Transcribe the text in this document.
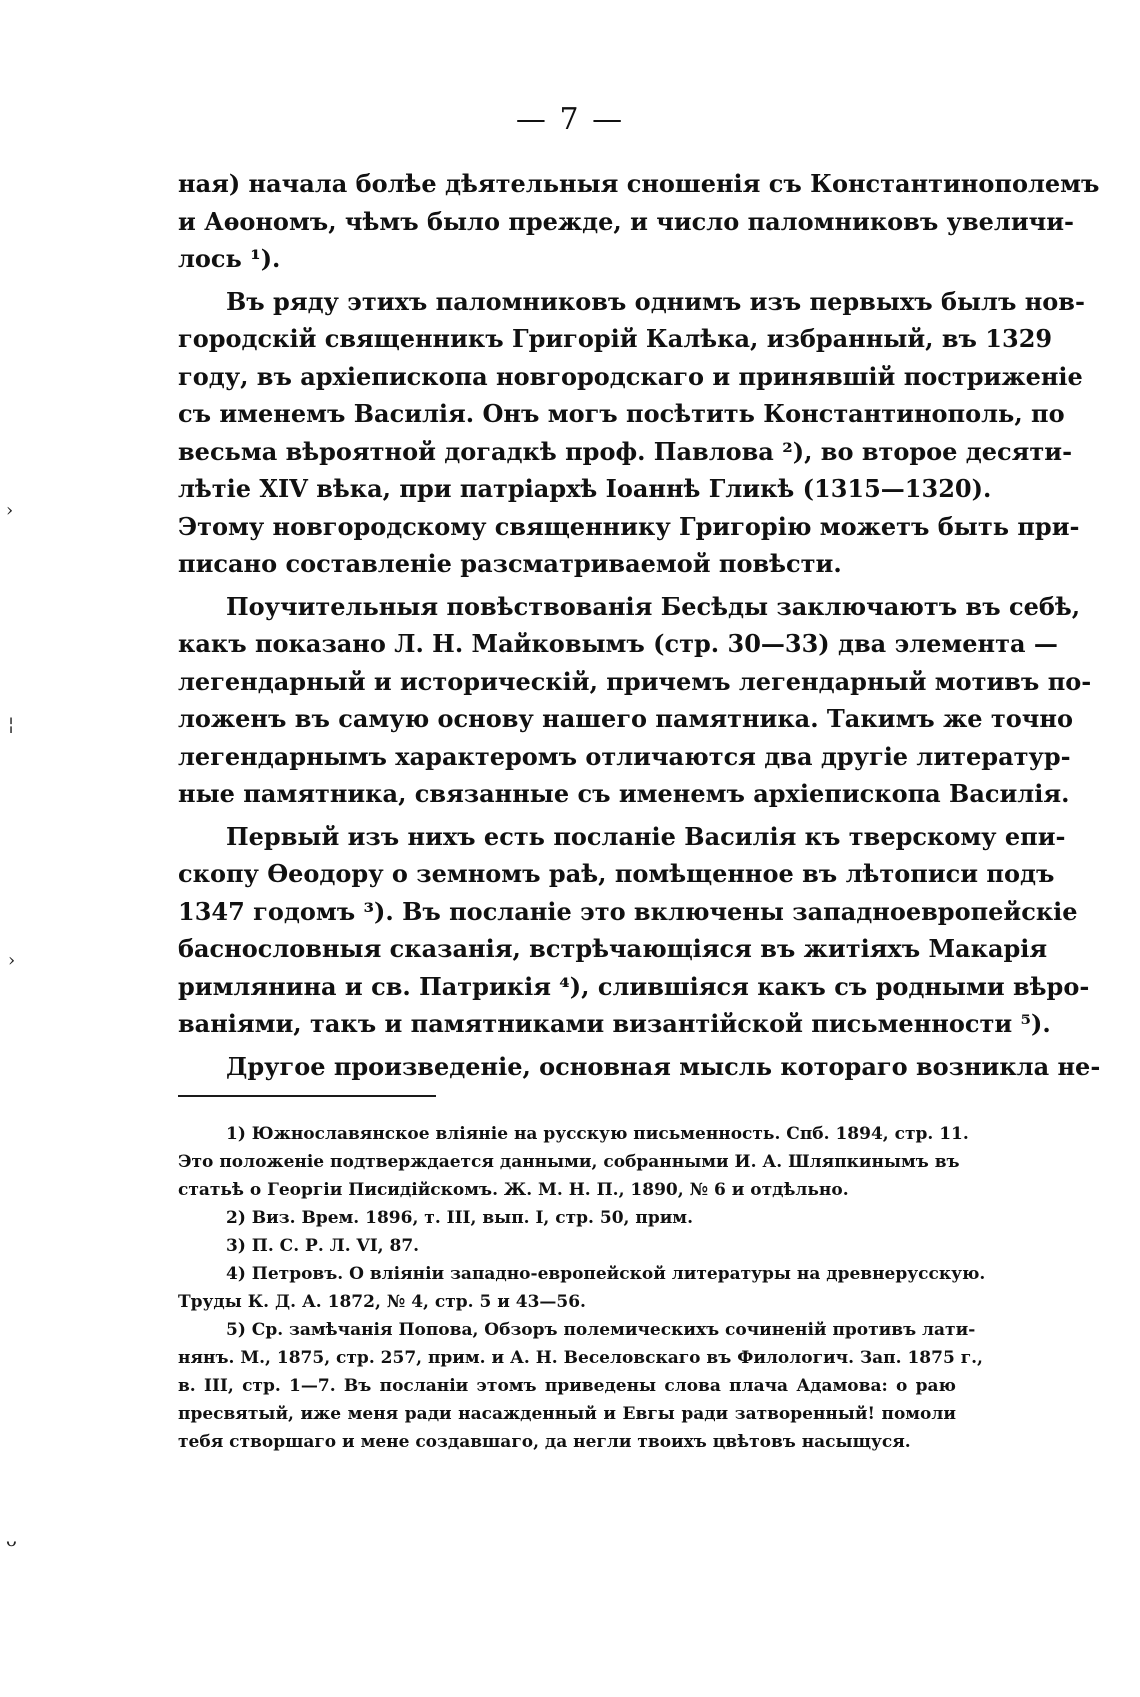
— 7 —
ная) начала болѣе дѣятельныя сношенія съ Константинополемъ
и Аѳономъ, чѣмъ было прежде, и число паломниковъ увеличи-
лось ¹).
Въ ряду этихъ паломниковъ однимъ изъ первыхъ былъ нов-
городскій священникъ Григорій Калѣка, избранный, въ 1329
году, въ архіепископа новгородскаго и принявшій постриженіе
съ именемъ Василія. Онъ могъ посѣтить Константинополь, по
весьма вѣроятной догадкѣ проф. Павлова ²), во второе десяти-
лѣтіе XIV вѣка, при патріархѣ Іоаннѣ Гликѣ (1315—1320).
Этому новгородскому священнику Григорію можетъ быть при-
писано составленіе разсматриваемой повѣсти.
Поучительныя повѣствованія Бесѣды заключаютъ въ себѣ,
какъ показано Л. Н. Майковымъ (стр. 30—33) два элемента —
легендарный и историческій, причемъ легендарный мотивъ по-
ложенъ въ самую основу нашего памятника. Такимъ же точно
легендарнымъ характеромъ отличаются два другіе литератур-
ные памятника, связанные съ именемъ архіепископа Василія.
Первый изъ нихъ есть посланіе Василія къ тверскому епи-
скопу Ѳеодору о земномъ раѣ, помѣщенное въ лѣтописи подъ
1347 годомъ ³). Въ посланіе это включены западноевропейскіе
баснословныя сказанія, встрѣчающіяся въ житіяхъ Макарія
римлянина и св. Патрикія ⁴), слившіяся какъ съ родными вѣро-
ваніями, такъ и памятниками византійской письменности ⁵).
Другое произведеніе, основная мысль котораго возникла не-
1) Южнославянское вліяніе на русскую письменность. Спб. 1894, стр. 11.
Это положеніе подтверждается данными, собранными И. А. Шляпкинымъ въ
статьѣ о Георгіи Писидійскомъ. Ж. М. Н. П., 1890, № 6 и отдѣльно.
2) Виз. Врем. 1896, т. III, вып. I, стр. 50, прим.
3) П. С. Р. Л. VI, 87.
4) Петровъ. О вліяніи западно-европейской литературы на древнерусскую.
Труды К. Д. А. 1872, № 4, стр. 5 и 43—56.
5) Ср. замѣчанія Попова, Обзоръ полемическихъ сочиненій противъ лати-
нянъ. М., 1875, стр. 257, прим. и А. Н. Веселовскаго въ Филологич. Зап. 1875 г.,
в. III, стр. 1—7. Въ посланіи этомъ приведены слова плача Адамова: о раю
пресвятый, иже меня ради насажденный и Евгы ради затворенный! помоли
тебя створшаго и мене создавшаго, да негли твоихъ цвѣтовъ насыщуся.
›
¦
›
ᴗ
